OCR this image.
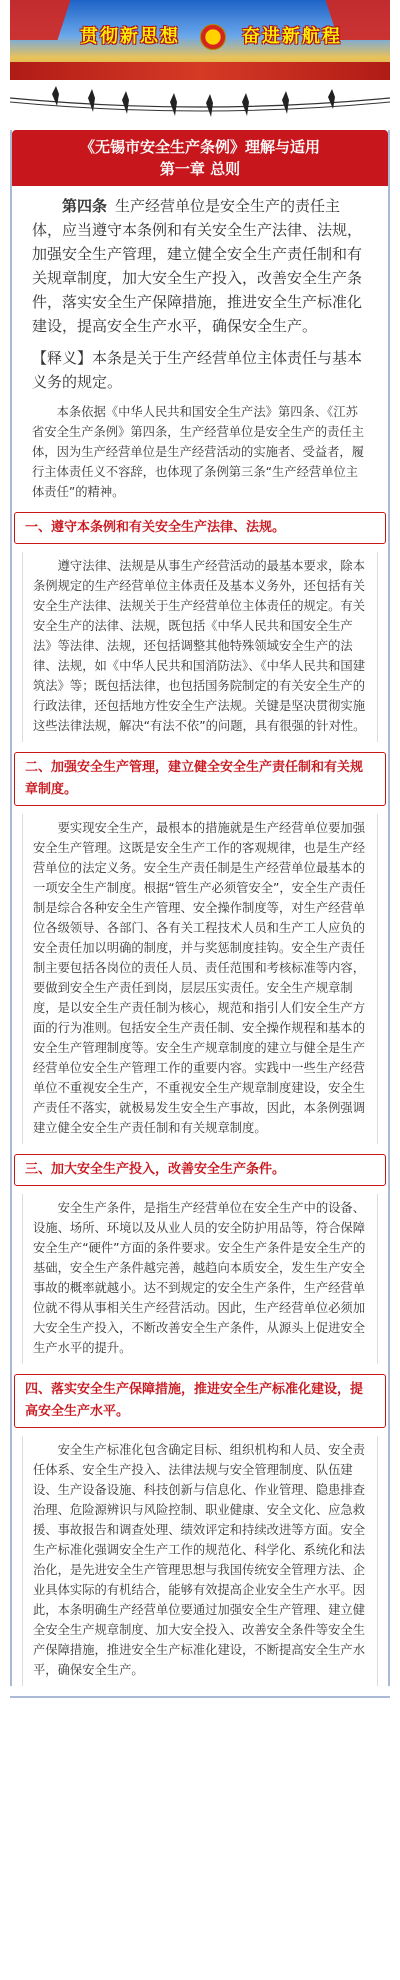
贯彻新思想	奋进新航程
《无锡市安全生产条例》理解与适用
第一章 总则
第四条 生产经营单位是安全生产的责任主体，应当遵守本条例和有关安全生产法律、法规，加强安全生产管理，建立健全安全生产责任制和有关规章制度，加大安全生产投入，改善安全生产条件，落实安全生产保障措施，推进安全生产标准化建设，提高安全生产水平，确保安全生产。
【释义】本条是关于生产经营单位主体责任与基本义务的规定。
本条依据《中华人民共和国安全生产法》第四条、《江苏省安全生产条例》第四条，生产经营单位是安全生产的责任主体，因为生产经营单位是生产经营活动的实施者、受益者，履行主体责任义不容辞，也体现了条例第三条“生产经营单位主体责任”的精神。
一、遵守本条例和有关安全生产法律、法规。
遵守法律、法规是从事生产经营活动的最基本要求，除本条例规定的生产经营单位主体责任及基本义务外，还包括有关安全生产法律、法规关于生产经营单位主体责任的规定。有关安全生产的法律、法规，既包括《中华人民共和国安全生产法》等法律、法规，还包括调整其他特殊领域安全生产的法律、法规，如《中华人民共和国消防法》、《中华人民共和国建筑法》等；既包括法律，也包括国务院制定的有关安全生产的行政法律，还包括地方性安全生产法规。关键是坚决贯彻实施这些法律法规，解决“有法不依”的问题，具有很强的针对性。
二、加强安全生产管理，建立健全安全生产责任制和有关规章制度。
要实现安全生产，最根本的措施就是生产经营单位要加强安全生产管理。这既是安全生产工作的客观规律，也是生产经营单位的法定义务。安全生产责任制是生产经营单位最基本的一项安全生产制度。根据“管生产必须管安全”，安全生产责任制是综合各种安全生产管理、安全操作制度等，对生产经营单位各级领导、各部门、各有关工程技术人员和生产工人应负的安全责任加以明确的制度，并与奖惩制度挂钩。安全生产责任制主要包括各岗位的责任人员、责任范围和考核标准等内容，要做到安全生产责任到岗，层层压实责任。安全生产规章制度，是以安全生产责任制为核心，规范和指引人们安全生产方面的行为准则。包括安全生产责任制、安全操作规程和基本的安全生产管理制度等。安全生产规章制度的建立与健全是生产经营单位安全生产管理工作的重要内容。实践中一些生产经营单位不重视安全生产，不重视安全生产规章制度建设，安全生产责任不落实，就极易发生安全生产事故，因此，本条例强调建立健全安全生产责任制和有关规章制度。
三、加大安全生产投入，改善安全生产条件。
安全生产条件，是指生产经营单位在安全生产中的设备、设施、场所、环境以及从业人员的安全防护用品等，符合保障安全生产“硬件”方面的条件要求。安全生产条件是安全生产的基础，安全生产条件越完善，越趋向本质安全，发生生产安全事故的概率就越小。达不到规定的安全生产条件，生产经营单位就不得从事相关生产经营活动。因此，生产经营单位必须加大安全生产投入，不断改善安全生产条件，从源头上促进安全生产水平的提升。
四、落实安全生产保障措施，推进安全生产标准化建设，提高安全生产水平。
安全生产标准化包含确定目标、组织机构和人员、安全责任体系、安全生产投入、法律法规与安全管理制度、队伍建设、生产设备设施、科技创新与信息化、作业管理、隐患排查治理、危险源辨识与风险控制、职业健康、安全文化、应急救援、事故报告和调查处理、绩效评定和持续改进等方面。安全生产标准化强调安全生产工作的规范化、科学化、系统化和法治化，是先进安全生产管理思想与我国传统安全管理方法、企业具体实际的有机结合，能够有效提高企业安全生产水平。因此，本条明确生产经营单位要通过加强安全生产管理、建立健全安全生产规章制度、加大安全投入、改善安全条件等安全生产保障措施，推进安全生产标准化建设，不断提高安全生产水平，确保安全生产。
